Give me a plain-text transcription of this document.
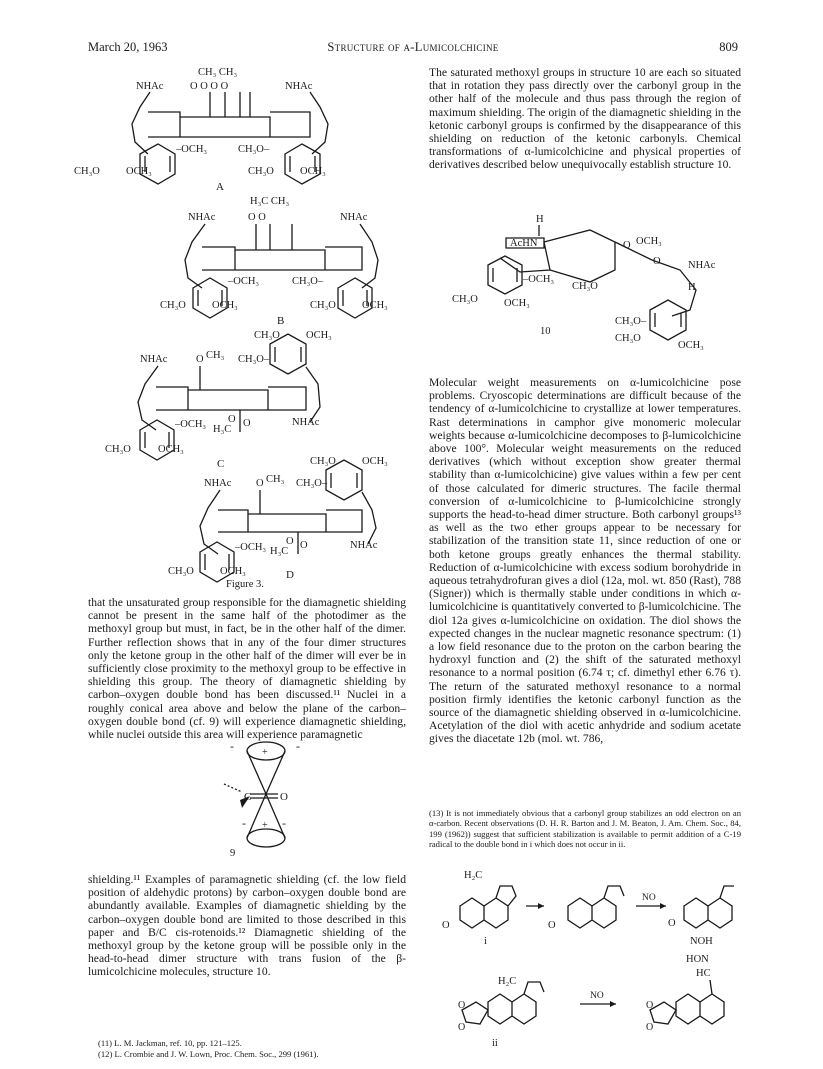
March 20, 1963	Structure of α-Lumicolchicine	809
CH₃ CH₃
NHAc	O O O O	NHAc
–OCH₃	CH₃O–
CH₃O OCH₃	CH₃O OCH₃
A
H₃C CH₃
NHAc	O O	NHAc
–OCH₃	CH₃O–
CH₃O OCH₃	CH₃O OCH₃
B
CH₃O OCH₃
NHAc	O CH₃ CH₃O–
–OCH₃ O
H₃C
O	NHAc
CH₃O	OCH₃
C	CH₃O OCH₃
NHAc O CH₃ CH₃O–
–OCH₃
O
H₃C
O	NHAc
CH₃O OCH₃	D
Figure 3.
that the unsaturated group responsible for the diamagnetic shielding cannot be present in the same half of the photodimer as the methoxyl group but must, in fact, be in the other half of the dimer. Further reflection shows that in any of the four dimer structures only the ketone group in the other half of the dimer will ever be in sufficiently close proximity to the methoxyl group to be effective in shielding this group. The theory of diamagnetic shielding by carbon–oxygen double bond has been discussed.¹¹ Nuclei in a roughly conical area above and below the plane of the carbon–oxygen double bond (cf. 9) will experience diamagnetic shielding, while nuclei outside this area will experience paramagnetic
+
+
-	-
-	-
C	O
9
shielding.¹¹ Examples of paramagnetic shielding (cf. the low field position of aldehydic protons) by carbon–oxygen double bond are abundantly available. Examples of diamagnetic shielding by the carbon–oxygen double bond are limited to those described in this paper and B/C cis-rotenoids.¹² Diamagnetic shielding of the methoxyl group by the ketone group will be possible only in the head-to-head dimer structure with trans fusion of the β-lumicolchicine molecules, structure 10.
(11) L. M. Jackman, ref. 10, pp. 121–125.
(12) L. Crombie and J. W. Lown, Proc. Chem. Soc., 299 (1961).
The saturated methoxyl groups in structure 10 are each so situated that in rotation they pass directly over the carbonyl group in the other half of the molecule and thus pass through the region of maximum shielding. The origin of the diamagnetic shielding in the ketonic carbonyl groups is confirmed by the disappearance of this shielding on reduction of the ketonic carbonyls. Chemical transformations of α-lumicolchicine and physical properties of derivatives described below unequivocally establish structure 10.
H
AcHN	O OCH₃
O	NHAc
H
–OCH₃
CH₃O
CH₃O OCH₃
CH₃O–
CH₃O
OCH₃
10
Molecular weight measurements on α-lumicolchicine pose problems. Cryoscopic determinations are difficult because of the tendency of α-lumicolchicine to crystallize at lower temperatures. Rast determinations in camphor give monomeric molecular weights because α-lumicolchicine decomposes to β-lumicolchicine above 100°. Molecular weight measurements on the reduced derivatives (which without exception show greater thermal stability than α-lumicolchicine) give values within a few per cent of those calculated for dimeric structures. The facile thermal conversion of α-lumicolchicine to β-lumicolchicine strongly supports the head-to-head dimer structure. Both carbonyl groups¹³ as well as the two ether groups appear to be necessary for stabilization of the transition state 11, since reduction of one or both ketone groups greatly enhances the thermal stability. Reduction of α-lumicolchicine with excess sodium borohydride in aqueous tetrahydrofuran gives a diol (12a, mol. wt. 850 (Rast), 788 (Signer)) which is thermally stable under conditions in which α-lumicolchicine is quantitatively converted to β-lumicolchicine. The diol 12a gives α-lumicolchicine on oxidation. The diol shows the expected changes in the nuclear magnetic resonance spectrum: (1) a low field resonance due to the proton on the carbon bearing the hydroxyl function and (2) the shift of the saturated methoxyl resonance to a normal position (6.74 τ; cf. dimethyl ether 6.76 τ). The return of the saturated methoxyl resonance to a normal position firmly identifies the ketonic carbonyl function as the source of the diamagnetic shielding observed in α-lumicolchicine. Acetylation of the diol with acetic anhydride and sodium acetate gives the diacetate 12b (mol. wt. 786,
(13) It is not immediately obvious that a carbonyl group stabilizes an odd electron on an α-carbon. Recent observations (D. H. R. Barton and J. M. Beaton, J. Am. Chem. Soc., 84, 199 (1962)) suggest that sufficient stabilization is available to permit addition of a C-19 radical to the double bond in i which does not occur in ii.
H₂C
O
i
O
NO
O
NOH
HON
HC
H₂C
O
O
ii
NO
O
O
